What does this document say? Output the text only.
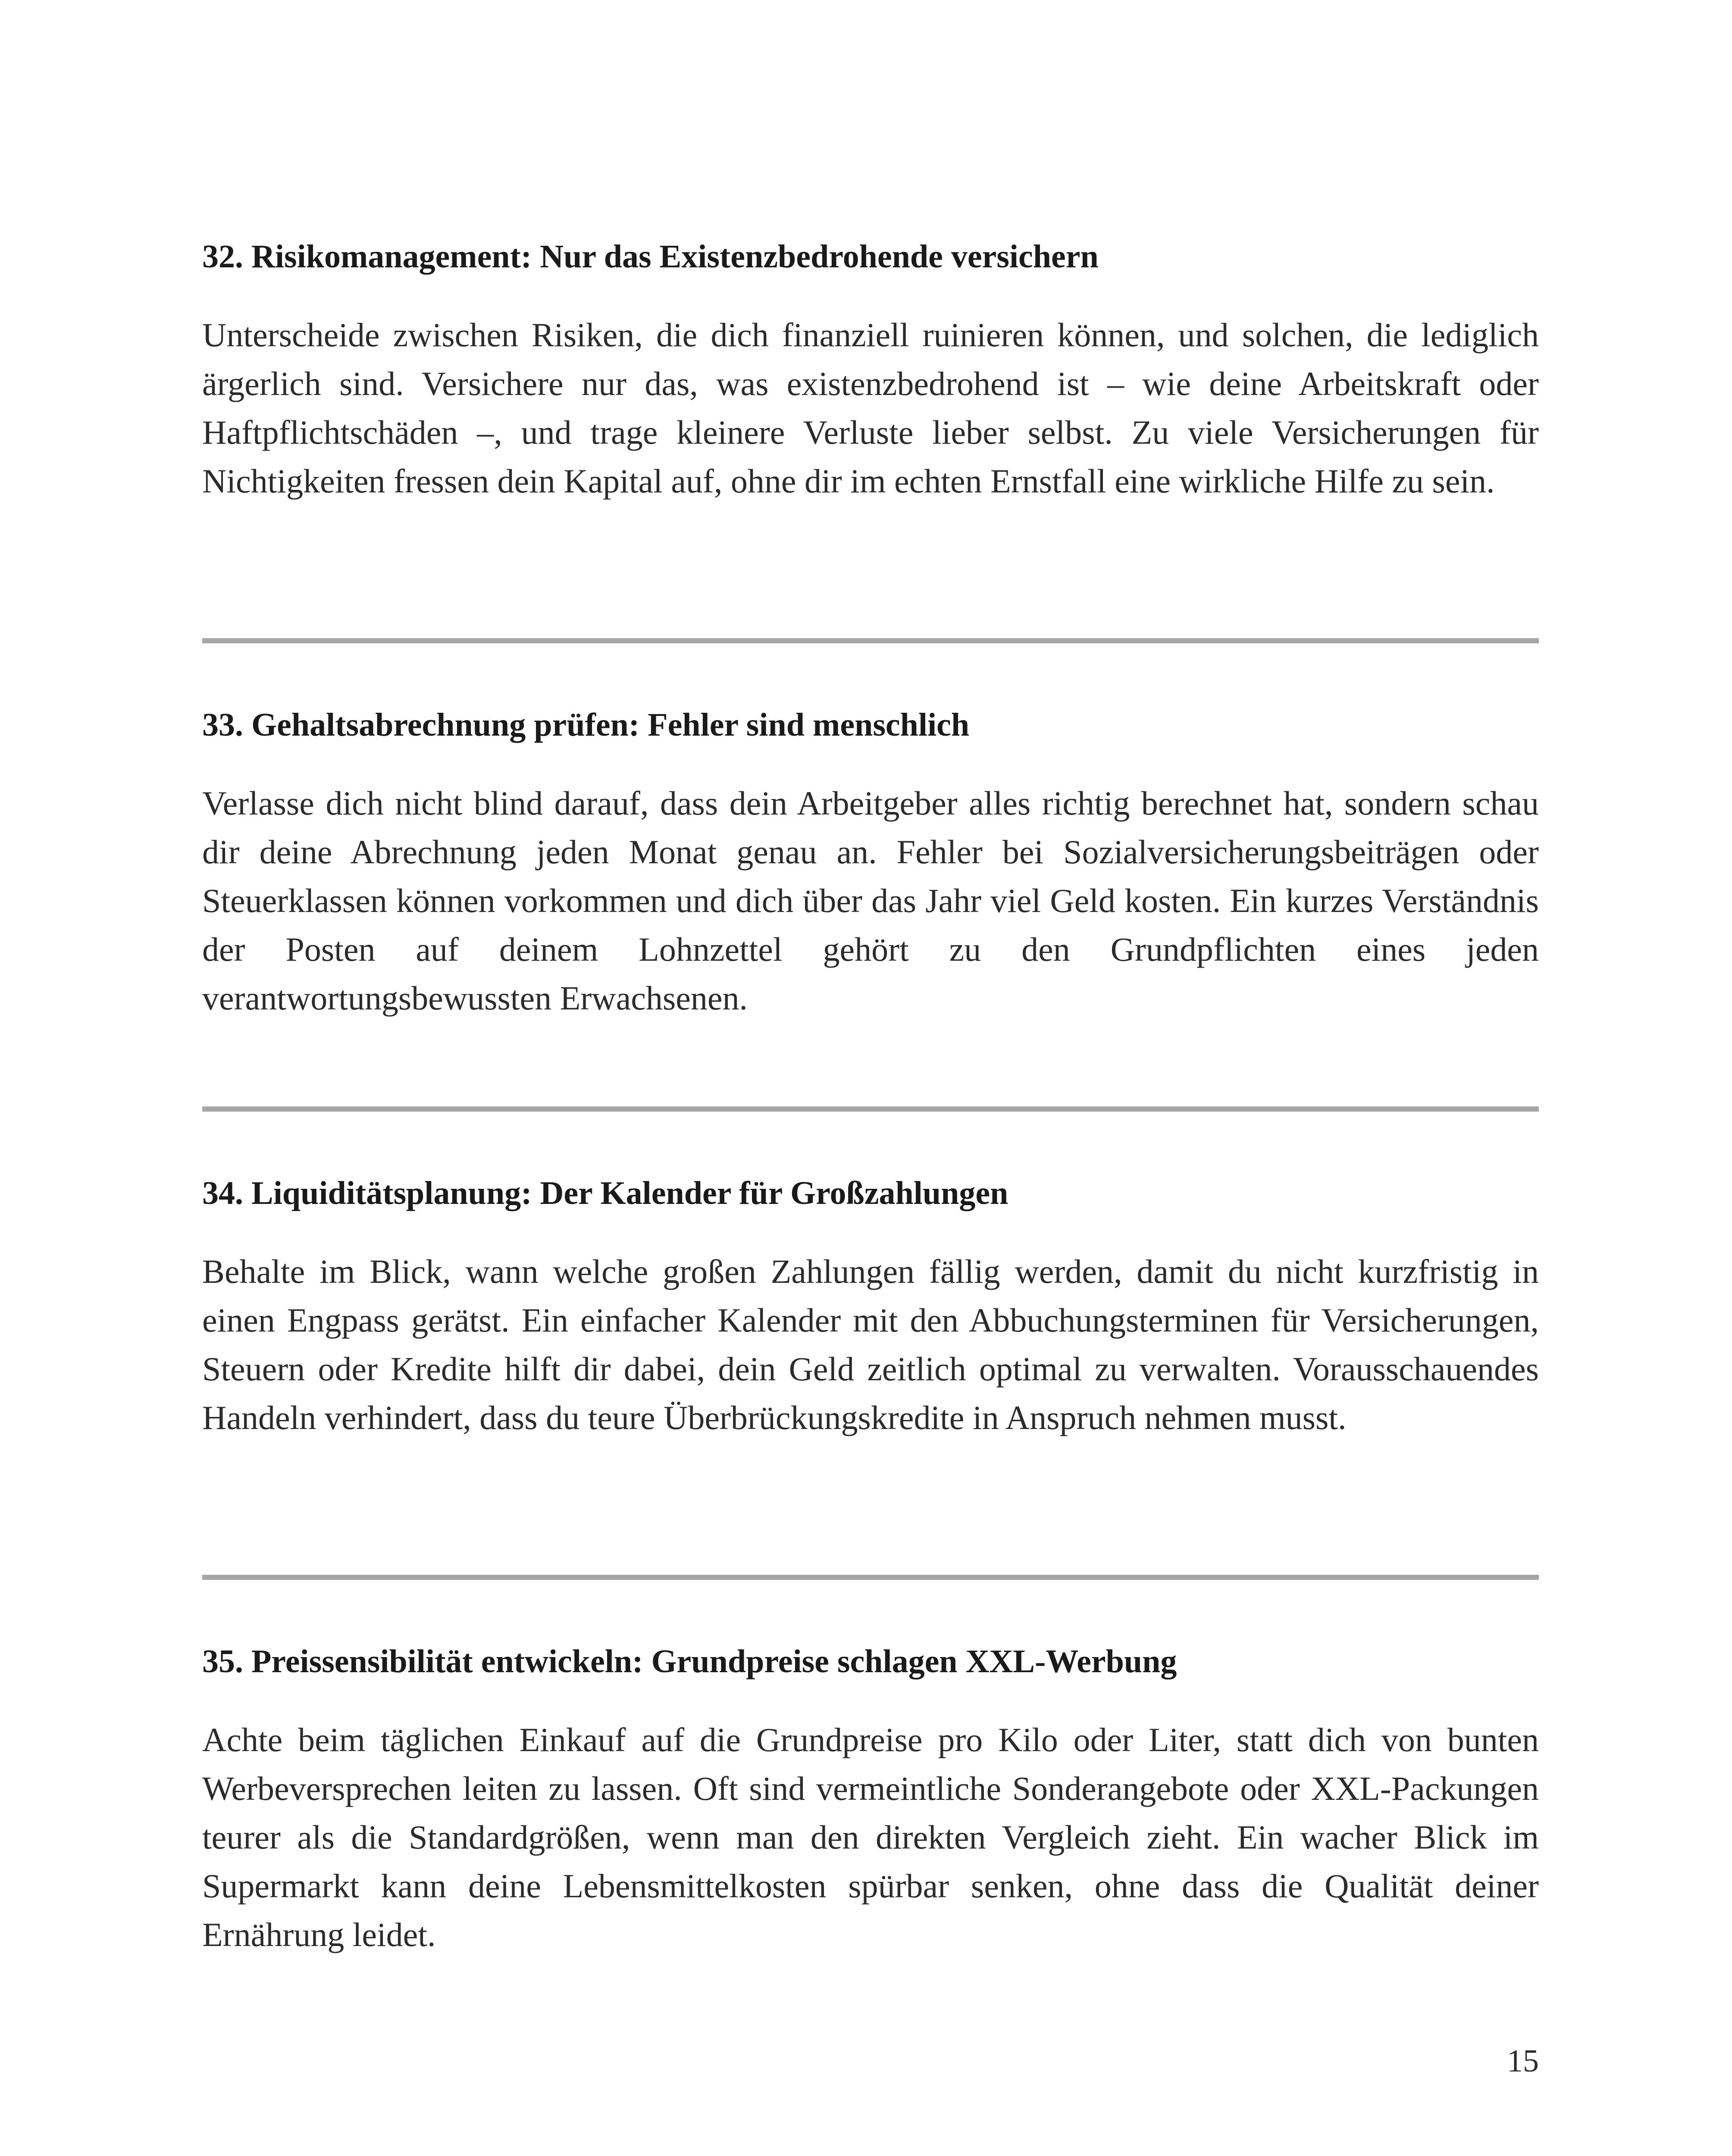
32. Risikomanagement: Nur das Existenzbedrohende versichern

Unterscheide zwischen Risiken, die dich finanziell ruinieren können, und solchen, die lediglich ärgerlich sind. Versichere nur das, was existenzbedrohend ist – wie deine Arbeitskraft oder Haftpflichtschäden –, und trage kleinere Verluste lieber selbst. Zu viele Versicherungen für Nichtigkeiten fressen dein Kapital auf, ohne dir im echten Ernstfall eine wirkliche Hilfe zu sein.

33. Gehaltsabrechnung prüfen: Fehler sind menschlich

Verlasse dich nicht blind darauf, dass dein Arbeitgeber alles richtig berechnet hat, sondern schau dir deine Abrechnung jeden Monat genau an. Fehler bei Sozialversicherungsbeiträgen oder Steuerklassen können vorkommen und dich über das Jahr viel Geld kosten. Ein kurzes Verständnis der Posten auf deinem Lohnzettel gehört zu den Grundpflichten eines jeden verantwortungsbewussten Erwachsenen.

34. Liquiditätsplanung: Der Kalender für Großzahlungen

Behalte im Blick, wann welche großen Zahlungen fällig werden, damit du nicht kurzfristig in einen Engpass gerätst. Ein einfacher Kalender mit den Abbuchungsterminen für Versicherungen, Steuern oder Kredite hilft dir dabei, dein Geld zeitlich optimal zu verwalten. Vorausschauendes Handeln verhindert, dass du teure Überbrückungskredite in Anspruch nehmen musst.

35. Preissensibilität entwickeln: Grundpreise schlagen XXL-Werbung

Achte beim täglichen Einkauf auf die Grundpreise pro Kilo oder Liter, statt dich von bunten Werbeversprechen leiten zu lassen. Oft sind vermeintliche Sonderangebote oder XXL-Packungen teurer als die Standardgrößen, wenn man den direkten Vergleich zieht. Ein wacher Blick im Supermarkt kann deine Lebensmittelkosten spürbar senken, ohne dass die Qualität deiner Ernährung leidet.

15
